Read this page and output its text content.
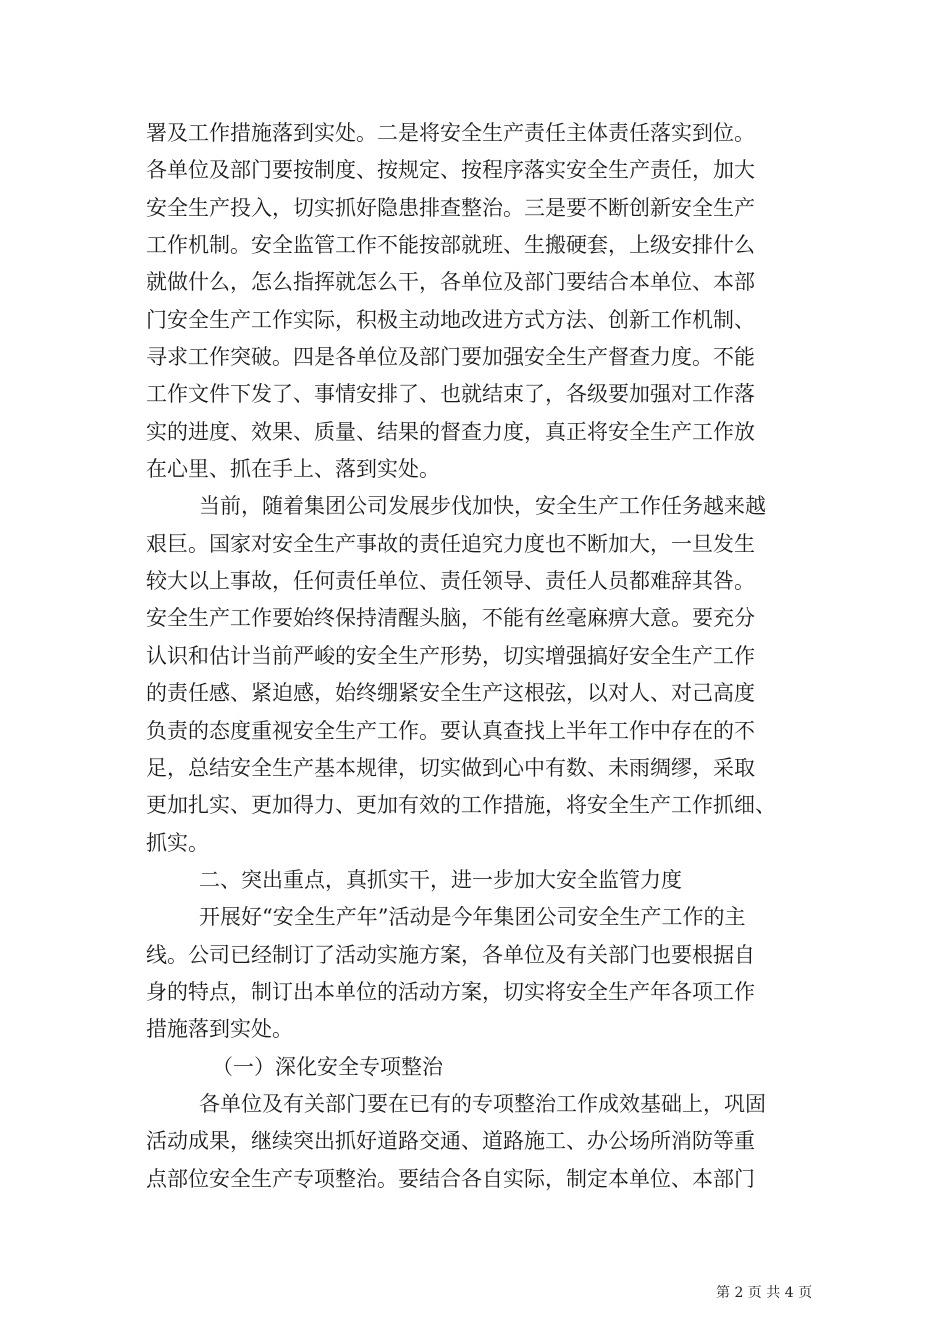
署及工作措施落到实处。二是将安全生产责任主体责任落实到位。
各单位及部门要按制度、按规定、按程序落实安全生产责任，加大
安全生产投入，切实抓好隐患排查整治。三是要不断创新安全生产
工作机制。安全监管工作不能按部就班、生搬硬套，上级安排什么
就做什么，怎么指挥就怎么干，各单位及部门要结合本单位、本部
门安全生产工作实际，积极主动地改进方式方法、创新工作机制、
寻求工作突破。四是各单位及部门要加强安全生产督查力度。不能
工作文件下发了、事情安排了、也就结束了，各级要加强对工作落
实的进度、效果、质量、结果的督查力度，真正将安全生产工作放
在心里、抓在手上、落到实处。
当前，随着集团公司发展步伐加快，安全生产工作任务越来越
艰巨。国家对安全生产事故的责任追究力度也不断加大，一旦发生
较大以上事故，任何责任单位、责任领导、责任人员都难辞其咎。
安全生产工作要始终保持清醒头脑，不能有丝毫麻痹大意。要充分
认识和估计当前严峻的安全生产形势，切实增强搞好安全生产工作
的责任感、紧迫感，始终绷紧安全生产这根弦，以对人、对己高度
负责的态度重视安全生产工作。要认真查找上半年工作中存在的不
足，总结安全生产基本规律，切实做到心中有数、未雨绸缪，采取
更加扎实、更加得力、更加有效的工作措施，将安全生产工作抓细、
抓实。
二、突出重点，真抓实干，进一步加大安全监管力度
开展好“安全生产年”活动是今年集团公司安全生产工作的主
线。公司已经制订了活动实施方案，各单位及有关部门也要根据自
身的特点，制订出本单位的活动方案，切实将安全生产年各项工作
措施落到实处。
（一）深化安全专项整治
各单位及有关部门要在已有的专项整治工作成效基础上，巩固
活动成果，继续突出抓好道路交通、道路施工、办公场所消防等重
点部位安全生产专项整治。要结合各自实际，制定本单位、本部门
第 2 页 共 4 页
